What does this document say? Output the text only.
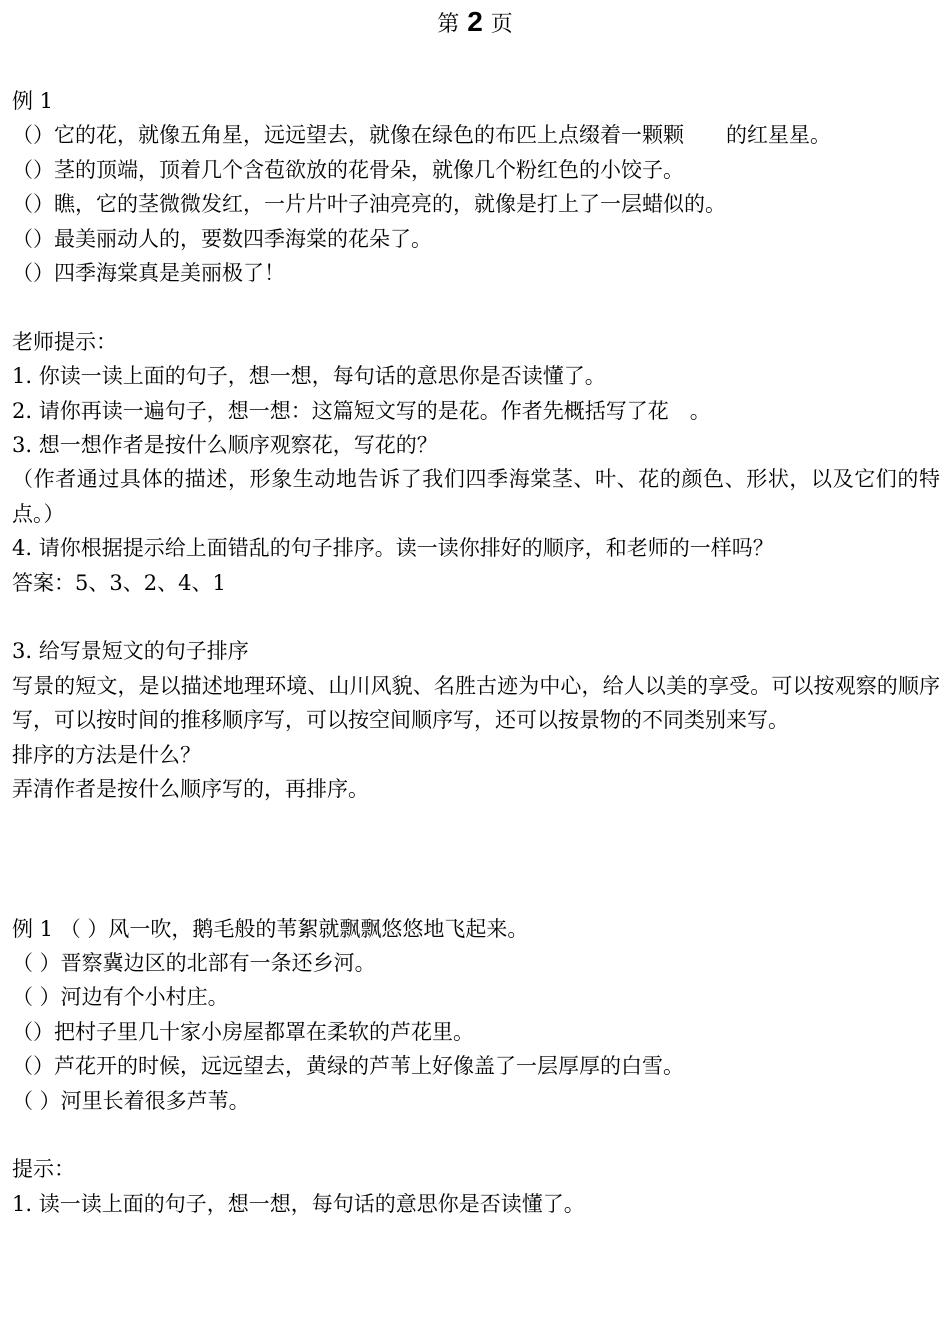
第 2 页
例 1
（）它的花，就像五角星，远远望去，就像在绿色的布匹上点缀着一颗颗　　的红星星。
（）茎的顶端，顶着几个含苞欲放的花骨朵，就像几个粉红色的小饺子。
（）瞧，它的茎微微发红，一片片叶子油亮亮的，就像是打上了一层蜡似的。
（）最美丽动人的，要数四季海棠的花朵了。
（）四季海棠真是美丽极了！
老师提示：
1. 你读一读上面的句子，想一想，每句话的意思你是否读懂了。
2. 请你再读一遍句子，想一想：这篇短文写的是花。作者先概括写了花　。
3. 想一想作者是按什么顺序观察花，写花的？
（作者通过具体的描述，形象生动地告诉了我们四季海棠茎、叶、花的颜色、形状，以及它们的特点。）
4. 请你根据提示给上面错乱的句子排序。读一读你排好的顺序，和老师的一样吗？
答案：5、3、2、4、1
3. 给写景短文的句子排序
写景的短文，是以描述地理环境、山川风貌、名胜古迹为中心，给人以美的享受。可以按观察的顺序写，可以按时间的推移顺序写，可以按空间顺序写，还可以按景物的不同类别来写。
排序的方法是什么？
弄清作者是按什么顺序写的，再排序。
例 1 （ ）风一吹，鹅毛般的苇絮就飘飘悠悠地飞起来。
（ ）晋察冀边区的北部有一条还乡河。
（ ）河边有个小村庄。
（）把村子里几十家小房屋都罩在柔软的芦花里。
（）芦花开的时候，远远望去，黄绿的芦苇上好像盖了一层厚厚的白雪。
（ ）河里长着很多芦苇。
提示：
1. 读一读上面的句子，想一想，每句话的意思你是否读懂了。
